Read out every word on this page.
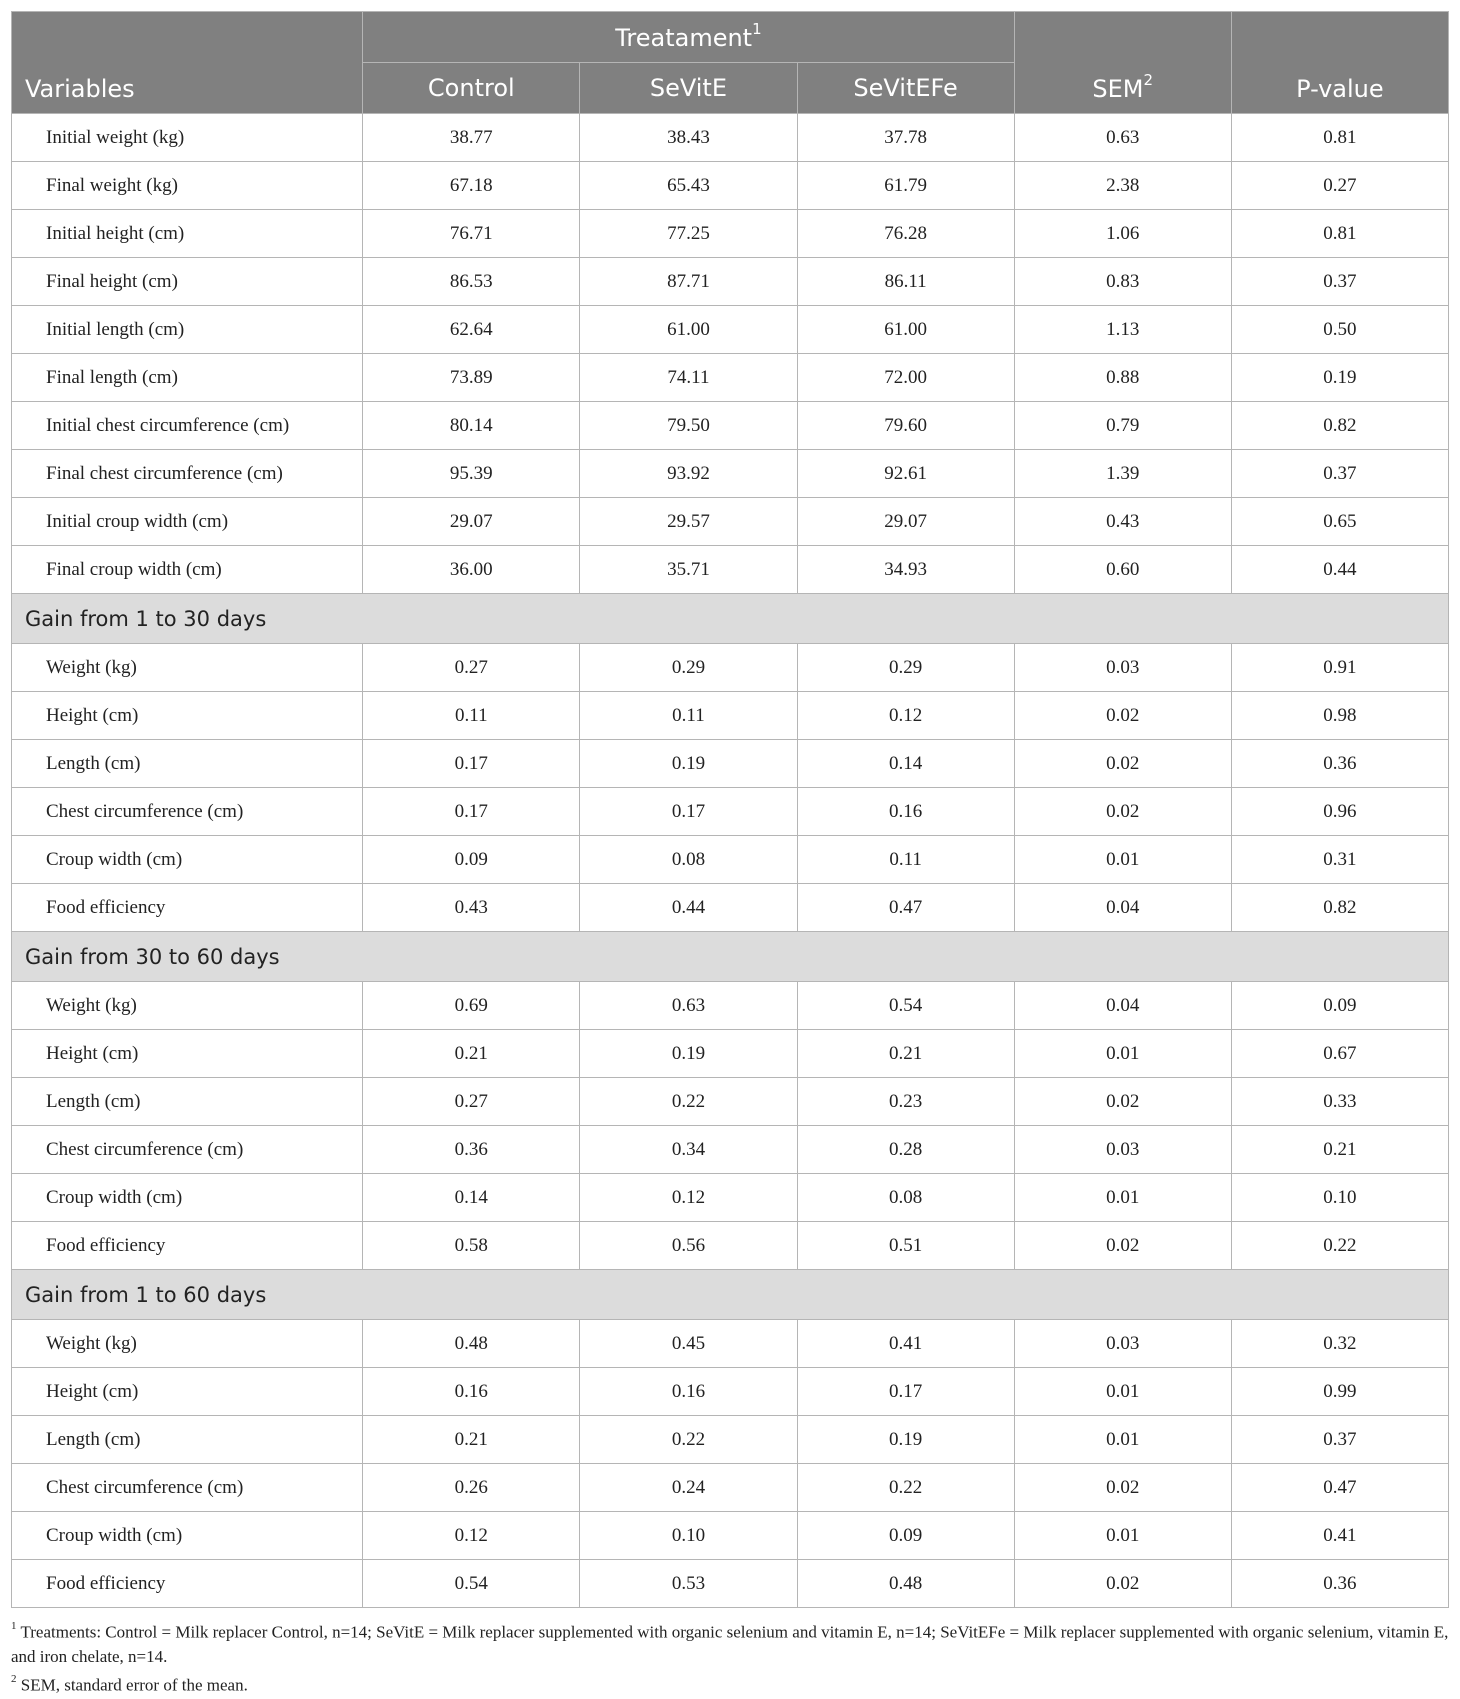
Variables	Treatament$^1$			SEM$^2$	P-value
	Control	SeVitE	SeVitEFe		
Initial weight (kg)	38.77	38.43	37.78	0.63	0.81
Final weight (kg)	67.18	65.43	61.79	2.38	0.27
Initial height (cm)	76.71	77.25	76.28	1.06	0.81
Final height (cm)	86.53	87.71	86.11	0.83	0.37
Initial length (cm)	62.64	61.00	61.00	1.13	0.50
Final length (cm)	73.89	74.11	72.00	0.88	0.19
Initial chest circumference (cm)	80.14	79.50	79.60	0.79	0.82
Final chest circumference (cm)	95.39	93.92	92.61	1.39	0.37
Initial croup width (cm)	29.07	29.57	29.07	0.43	0.65
Final croup width (cm)	36.00	35.71	34.93	0.60	0.44
Gain from 1 to 30 days					
Weight (kg)	0.27	0.29	0.29	0.03	0.91
Height (cm)	0.11	0.11	0.12	0.02	0.98
Length (cm)	0.17	0.19	0.14	0.02	0.36
Chest circumference (cm)	0.17	0.17	0.16	0.02	0.96
Croup width (cm)	0.09	0.08	0.11	0.01	0.31
Food efficiency	0.43	0.44	0.47	0.04	0.82
Gain from 30 to 60 days					
Weight (kg)	0.69	0.63	0.54	0.04	0.09
Height (cm)	0.21	0.19	0.21	0.01	0.67
Length (cm)	0.27	0.22	0.23	0.02	0.33
Chest circumference (cm)	0.36	0.34	0.28	0.03	0.21
Croup width (cm)	0.14	0.12	0.08	0.01	0.10
Food efficiency	0.58	0.56	0.51	0.02	0.22
Gain from 1 to 60 days					
Weight (kg)	0.48	0.45	0.41	0.03	0.32
Height (cm)	0.16	0.16	0.17	0.01	0.99
Length (cm)	0.21	0.22	0.19	0.01	0.37
Chest circumference (cm)	0.26	0.24	0.22	0.02	0.47
Croup width (cm)	0.12	0.10	0.09	0.01	0.41
Food efficiency	0.54	0.53	0.48	0.02	0.36

$^1$ Treatments: Control = Milk replacer Control, n=14; SeVitE = Milk replacer supplemented with organic selenium and vitamin E, n=14; SeVitEFe = Milk replacer supplemented with organic selenium, vitamin E, and iron chelate, n=14.

$^2$ SEM, standard error of the mean.
